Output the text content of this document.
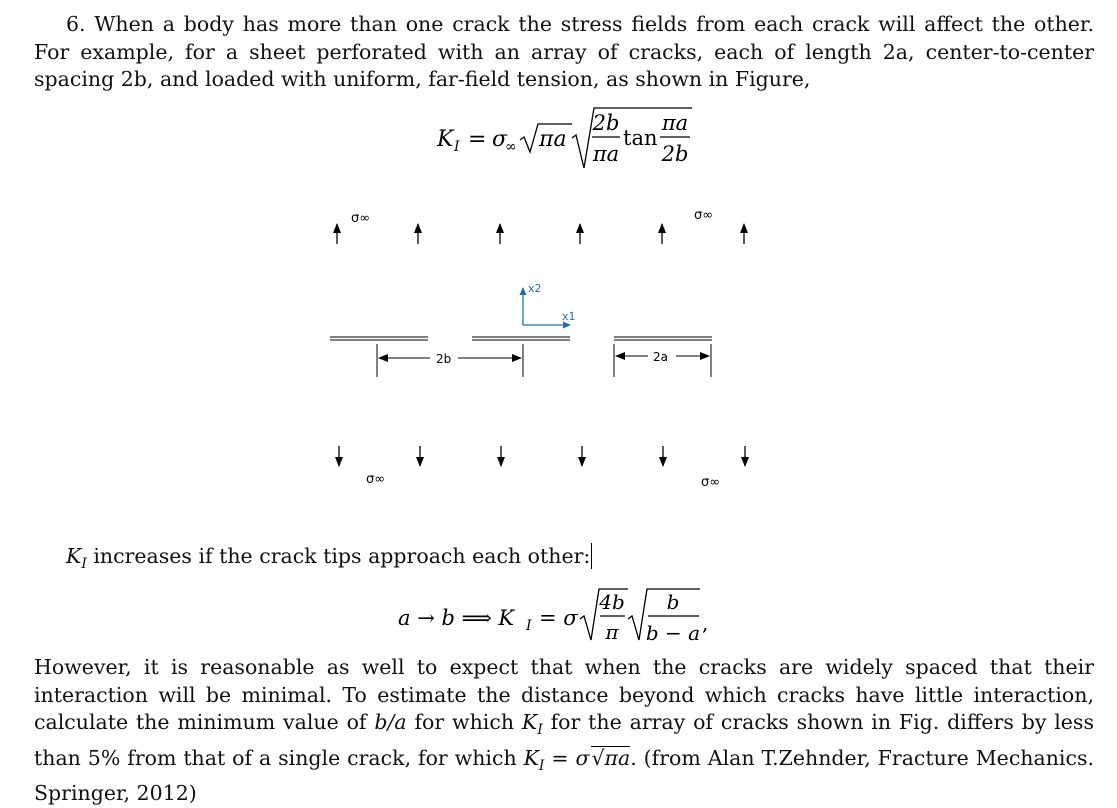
6. When a body has more than one crack the stress fields from each crack will affect the other. For example, for a sheet perforated with an array of cracks, each of length 2a, center-to-center spacing 2b, and loaded with uniform, far-field tension, as shown in Figure,
K I = σ
∞ πa
2b
πa
tan
πa
2b
σ∞	σ∞
x2
x1
2b	2a
σ∞	σ∞
a → b ⟹ K I = σ
4b
π
b
b − a ,
$K_I$ increases if the crack tips approach each other:
However, it is reasonable as well to expect that when the cracks are widely spaced that their interaction will be minimal. To estimate the distance beyond which cracks have little interaction, calculate the minimum value of b/a for which $K_I$ for the array of cracks shown in Fig. differs by less than 5% from that of a single crack, for which $K_I = \sigma√\pi a$. (from Alan T.Zehnder, Fracture Mechanics. Springer, 2012)
